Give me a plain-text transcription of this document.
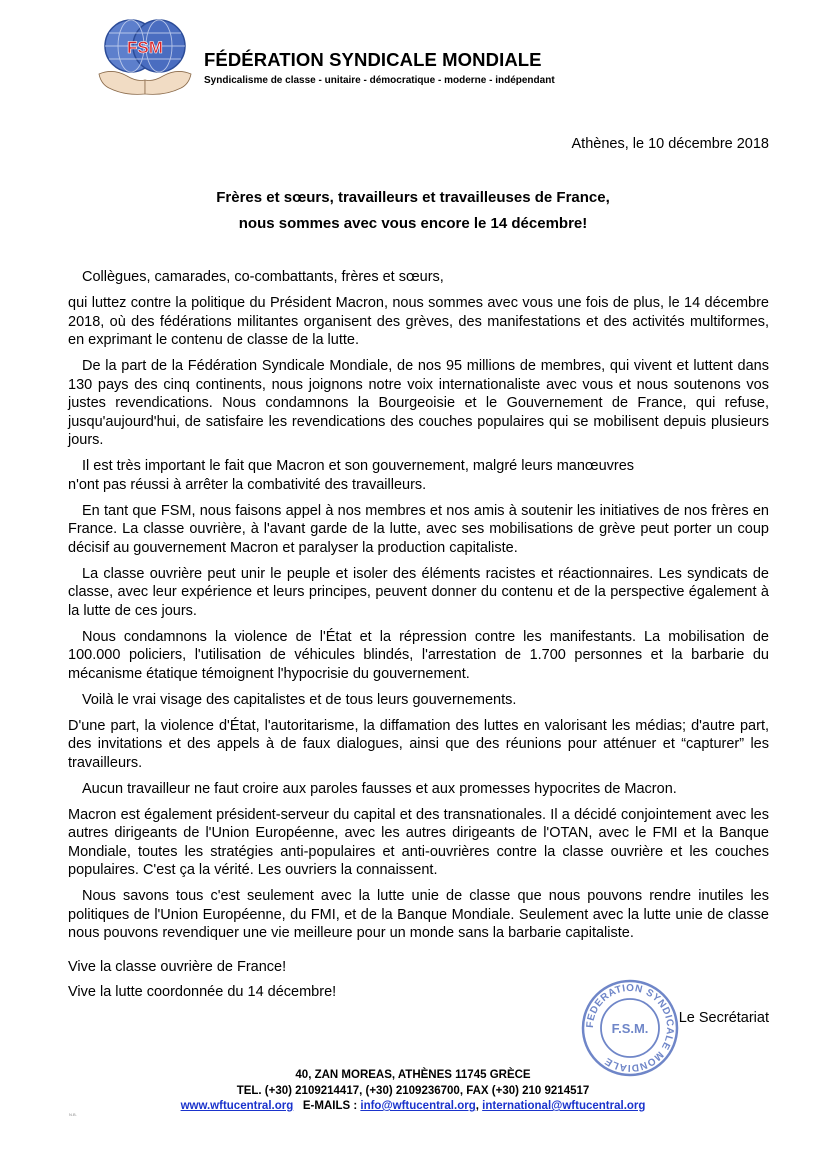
FSM
FÉDÉRATION SYNDICALE MONDIALE
Syndicalisme de classe - unitaire - démocratique - moderne - indépendant
Athènes, le 10 décembre 2018
Frères et sœurs, travailleurs et travailleuses de France,
nous sommes avec vous encore le 14 décembre!

Collègues, camarades, co-combattants, frères et sœurs,

qui luttez contre la politique du Président Macron, nous sommes avec vous une fois de plus, le 14 décembre 2018, où des fédérations militantes organisent des grèves, des manifestations et des activités multiformes, en exprimant le contenu de classe de la lutte.

De la part de la Fédération Syndicale Mondiale, de nos 95 millions de membres, qui vivent et luttent dans 130 pays des cinq continents, nous joignons notre voix internationaliste avec vous et nous soutenons vos justes revendications. Nous condamnons la Bourgeoisie et le Gouvernement de France, qui refuse, jusqu'aujourd'hui, de satisfaire les revendications des couches populaires qui se mobilisent depuis plusieurs jours.

Il est très important le fait que Macron et son gouvernement, malgré leurs manœuvres
n'ont pas réussi à arrêter la combativité des travailleurs.

En tant que FSM, nous faisons appel à nos membres et nos amis à soutenir les initiatives de nos frères en France. La classe ouvrière, à l'avant garde de la lutte, avec ses mobilisations de grève peut porter un coup décisif au gouvernement Macron et paralyser la production capitaliste.

La classe ouvrière peut unir le peuple et isoler des éléments racistes et réactionnaires. Les syndicats de classe, avec leur expérience et leurs principes, peuvent donner du contenu et de la perspective également à la lutte de ces jours.

Nous condamnons la violence de l'État et la répression contre les manifestants. La mobilisation de 100.000 policiers, l'utilisation de véhicules blindés, l'arrestation de 1.700 personnes et la barbarie du mécanisme étatique témoignent l'hypocrisie du gouvernement.

Voilà le vrai visage des capitalistes et de tous leurs gouvernements.

D'une part, la violence d'État, l'autoritarisme, la diffamation des luttes en valorisant les médias; d'autre part, des invitations et des appels à de faux dialogues, ainsi que des réunions pour atténuer et “capturer” les travailleurs.

Aucun travailleur ne faut croire aux paroles fausses et aux promesses hypocrites de Macron.

Macron est également président-serveur du capital et des transnationales. Il a décidé conjointement avec les autres dirigeants de l'Union Européenne, avec les autres dirigeants de l'OTAN, avec le FMI et la Banque Mondiale, toutes les stratégies anti-populaires et anti-ouvrières contre la classe ouvrière et les couches populaires. C'est ça la vérité. Les ouvriers la connaissent.

Nous savons tous c'est seulement avec la lutte unie de classe que nous pouvons rendre inutiles les politiques de l'Union Européenne, du FMI, et de la Banque Mondiale. Seulement avec la lutte unie de classe nous pouvons revendiquer une vie meilleure pour un monde sans la barbarie capitaliste.

Vive la classe ouvrière de France!
Vive la lutte coordonnée du 14 décembre!
FEDERATION SYNDICALE MONDIALE
F.S.M.
Le Secrétariat
40, ZAN MOREAS, ATHÈNES 11745 GRÈCE
TEL. (+30) 2109214417, (+30) 2109236700, FAX (+30) 210 9214517
www.wftucentral.org E-MAILS : info@wftucentral.org, international@wftucentral.org
N.B.
